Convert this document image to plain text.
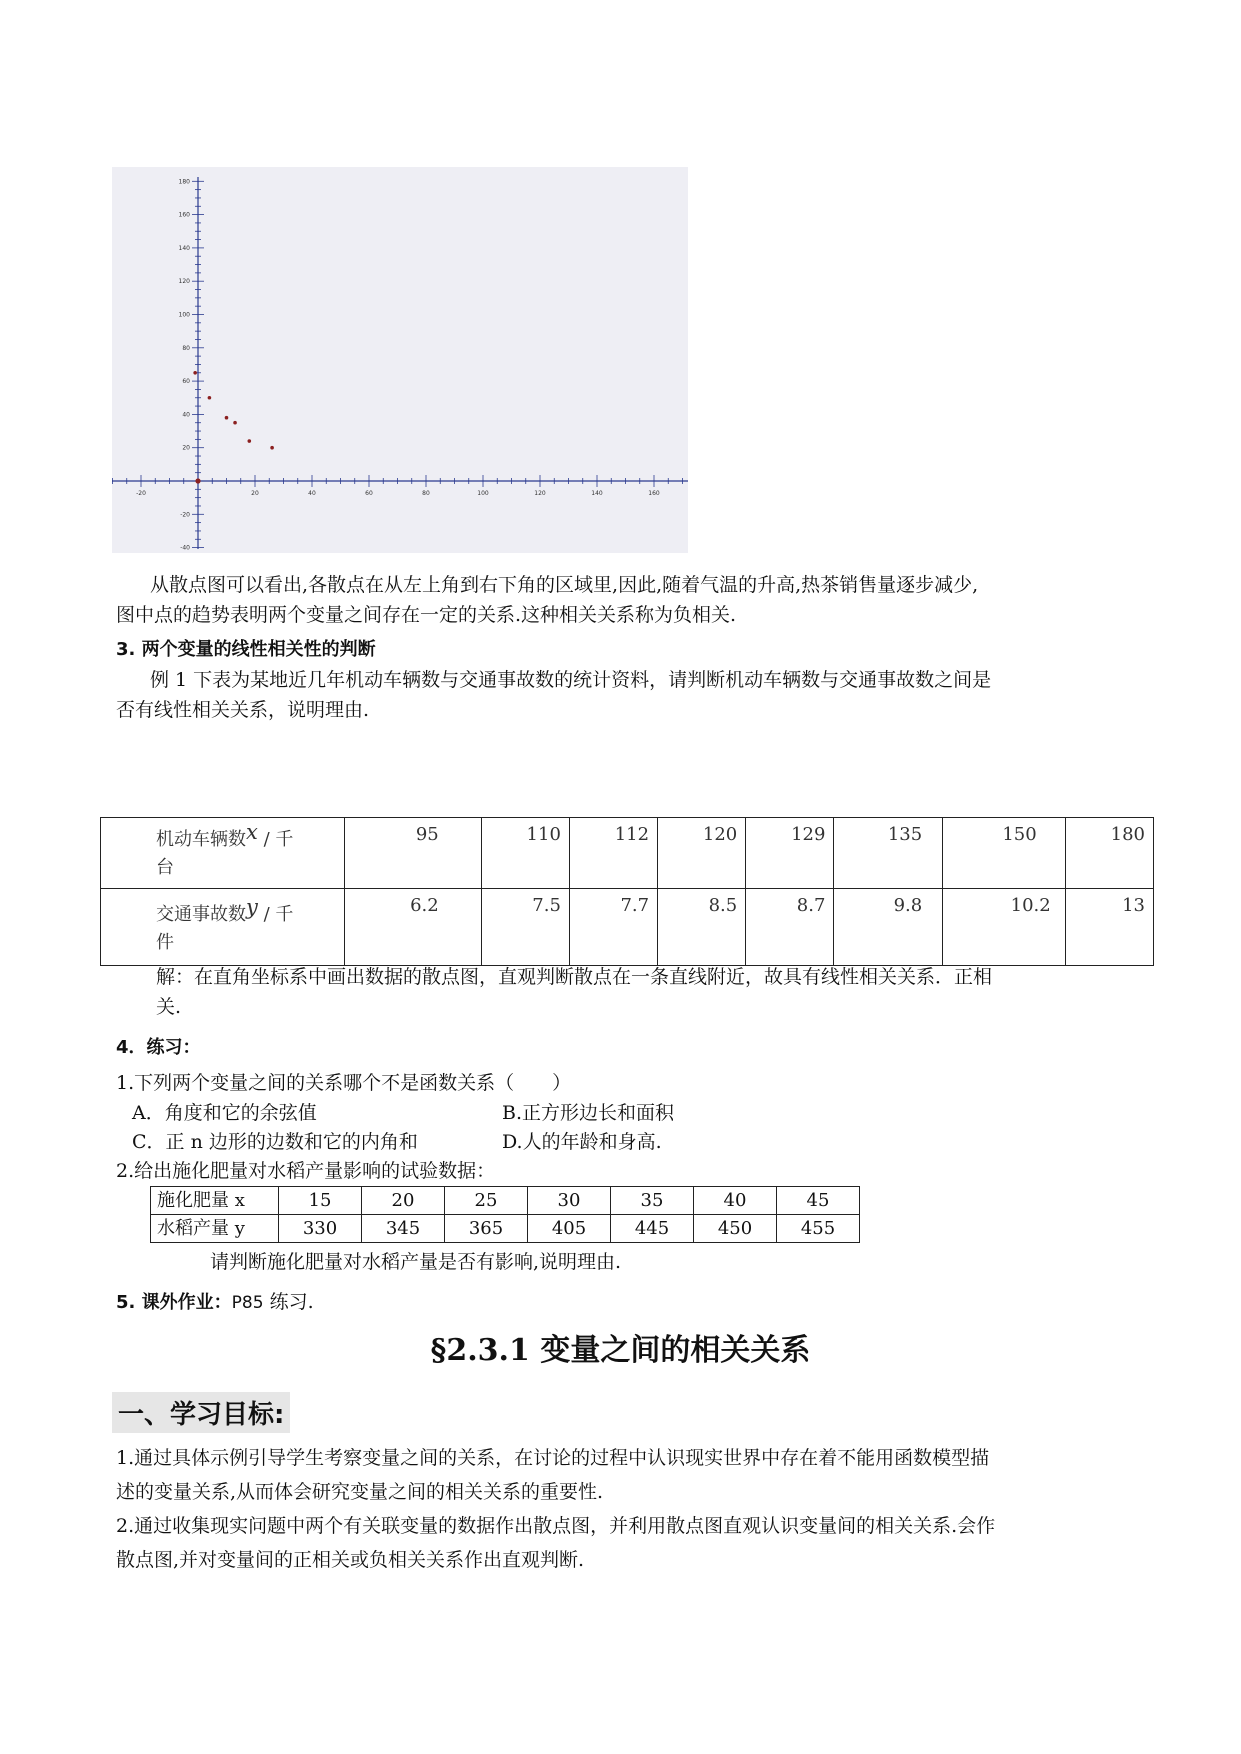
-20	20	40	60	80	100	120	140	160
180
160
140
120
100
80
60
40
20
-20
-40
从散点图可以看出,各散点在从左上角到右下角的区域里,因此,随着气温的升高,热茶销售量逐步减少,
图中点的趋势表明两个变量之间存在一定的关系.这种相关关系称为负相关.
3. 两个变量的线性相关性的判断
例 1 下表为某地近几年机动车辆数与交通事故数的统计资料，请判断机动车辆数与交通事故数之间是
否有线性相关关系，说明理由.
机动车辆数x / 千
台	95	110	112	120	129	135	150	180
交通事故数y / 千
件	6.2	7.5	7.7	8.5	8.7	9.8	10.2	13
解：在直角坐标系中画出数据的散点图，直观判断散点在一条直线附近，故具有线性相关关系．正相
关.
4．练习：
1.下列两个变量之间的关系哪个不是函数关系（　　）
A．角度和它的余弦值	B.正方形边长和面积
C．正 n 边形的边数和它的内角和	D.人的年龄和身高.
2.给出施化肥量对水稻产量影响的试验数据：
施化肥量 x	15	20	25	30	35	40	45
水稻产量 y	330	345	365	405	445	450	455
请判断施化肥量对水稻产量是否有影响,说明理由.
5. 课外作业：P85 练习.
§2.3.1 变量之间的相关关系
一、学习目标:
1.通过具体示例引导学生考察变量之间的关系，在讨论的过程中认识现实世界中存在着不能用函数模型描
述的变量关系,从而体会研究变量之间的相关关系的重要性.
2.通过收集现实问题中两个有关联变量的数据作出散点图，并利用散点图直观认识变量间的相关关系.会作
散点图,并对变量间的正相关或负相关关系作出直观判断.
